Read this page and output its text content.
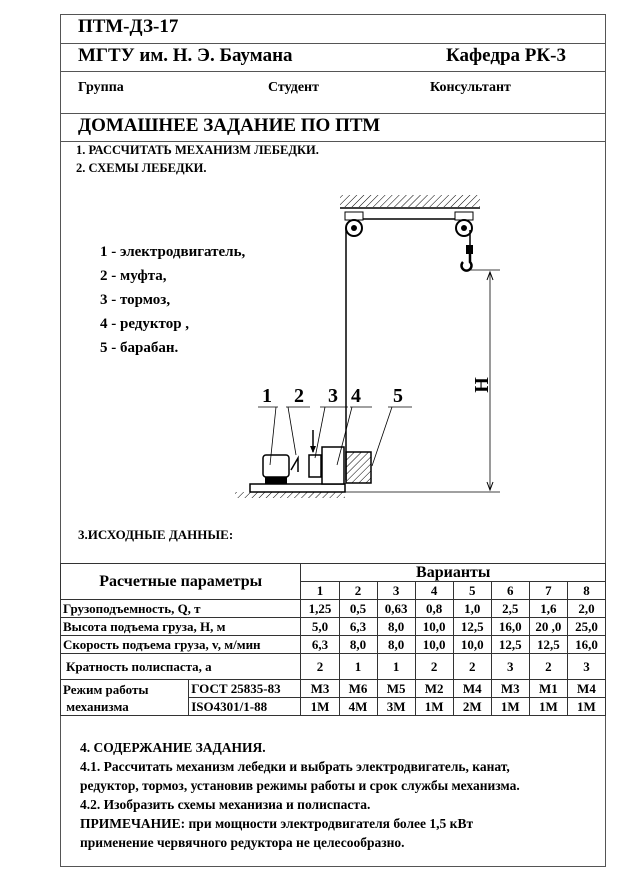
ПТМ-ДЗ-17
МГТУ им. Н. Э. Баумана	Кафедра РК-3
Группа	Студент	Консультант
ДОМАШНЕЕ ЗАДАНИЕ ПО ПТМ
1. РАССЧИТАТЬ МЕХАНИЗМ ЛЕБЕДКИ.
2. СХЕМЫ ЛЕБЕДКИ.
1 - электродвигатель,
2 - муфта,
3 - тормоз,
4 - редуктор ,
5 - барабан.
Н
1 2 3 4 5
3.ИСХОДНЫЕ ДАННЫЕ:
Расчетные параметры		Варианты							
		1	2	3	4	5	6	7	8
Грузоподъемность, Q, т		1,25	0,5	0,63	0,8	1,0	2,5	1,6	2,0
Высота подъема груза, Н, м		5,0	6,3	8,0	10,0	12,5	16,0	20 ,0	25,0
Скорость подъема груза, v, м/мин		6,3	8,0	8,0	10,0	10,0	12,5	12,5	16,0
Кратность полиспаста, а		2	1	1	2	2	3	2	3
Режим работы
механизма	ГОСТ 25835-83	М3	М6	М5	М2	М4	М3	М1	М4
	ISO4301/1-88	1М	4М	3М	1М	2М	1М	1М	1М
4. СОДЕРЖАНИЕ ЗАДАНИЯ.
4.1. Рассчитать механизм лебедки и выбрать электродвигатель, канат,
редуктор, тормоз, установив режимы работы и срок службы механизма.
4.2. Изобразить схемы механизиа и полиспаста.
ПРИМЕЧАНИЕ: при мощности электродвигателя более 1,5 кВт
применение червячного редуктора не целесообразно.
